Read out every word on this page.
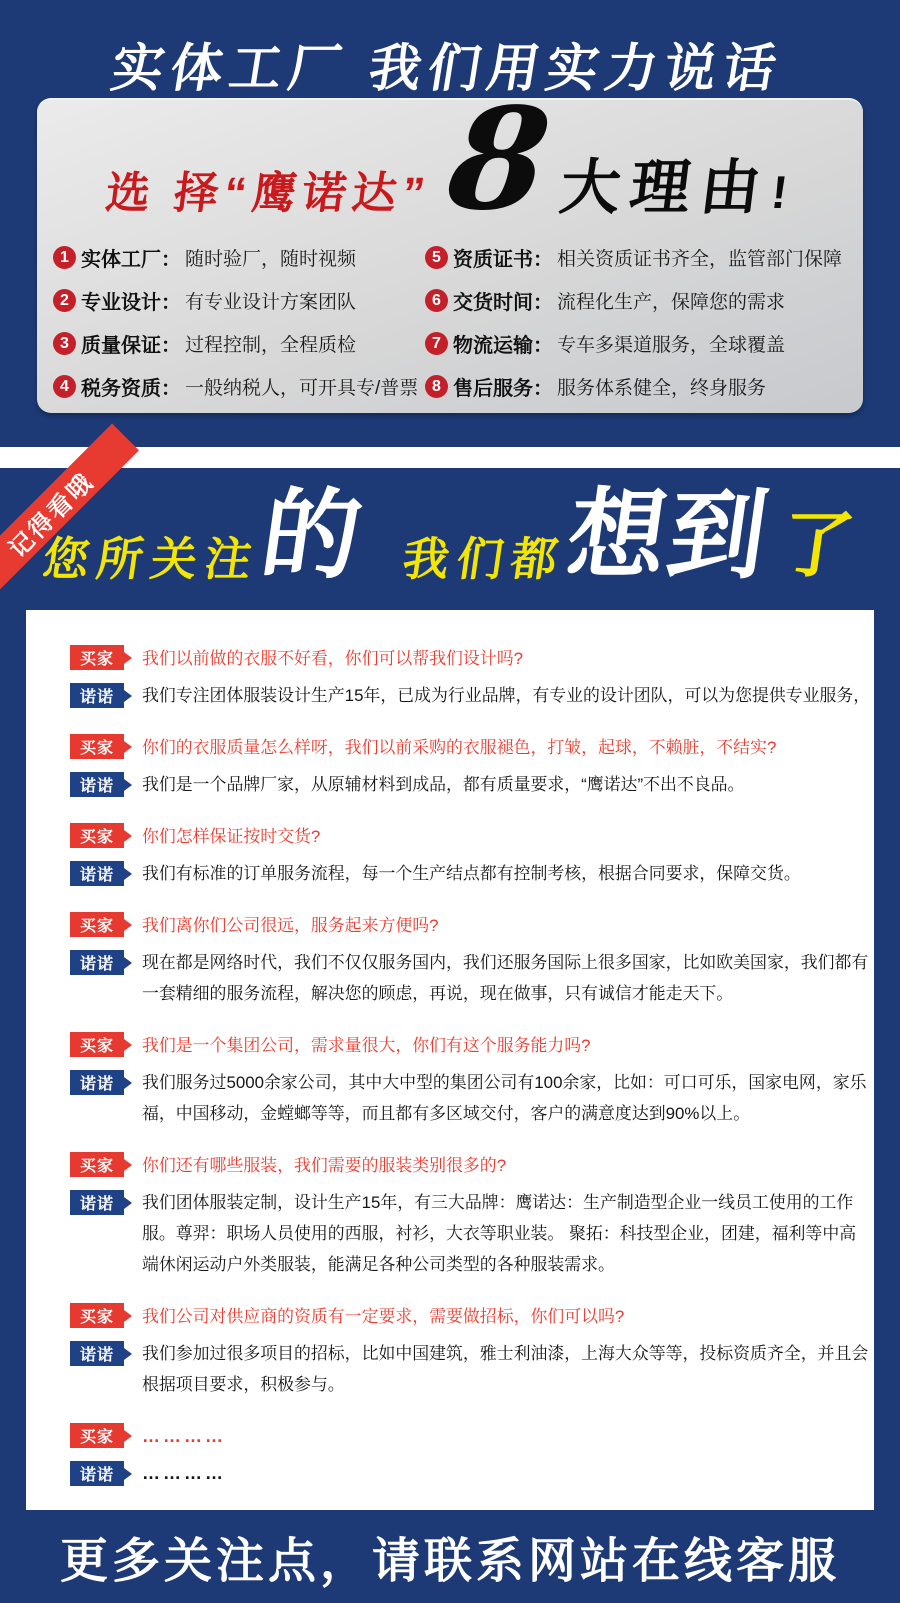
实体工厂 我们用实力说话
选 择
“鹰诺达” 8
大理由
!
1 实体工厂： 随时验厂，随时视频
2 专业设计： 有专业设计方案团队
3 质量保证： 过程控制，全程质检
4 税务资质： 一般纳税人，可开具专/普票
5 资质证书： 相关资质证书齐全，监管部门保障
6 交货时间： 流程化生产，保障您的需求
7 物流运输： 专车多渠道服务，全球覆盖
8 售后服务： 服务体系健全，终身服务
记得看哦
您所关注
的 我们都
想到 了
买家 我们以前做的衣服不好看，你们可以帮我们设计吗?
诺诺 我们专注团体服装设计生产15年，已成为行业品牌，有专业的设计团队，可以为您提供专业服务，
买家 你们的衣服质量怎么样呀，我们以前采购的衣服褪色，打皱，起球，不赖脏，不结实?
诺诺 我们是一个品牌厂家，从原辅材料到成品，都有质量要求，“鹰诺达”不出不良品。
买家 你们怎样保证按时交货?
诺诺 我们有标准的订单服务流程，每一个生产结点都有控制考核，根据合同要求，保障交货。
买家 我们离你们公司很远，服务起来方便吗?
诺诺 现在都是网络时代，我们不仅仅服务国内，我们还服务国际上很多国家，比如欧美国家，我们都有一套精细的服务流程，解决您的顾虑，再说，现在做事，只有诚信才能走天下。
买家 我们是一个集团公司，需求量很大，你们有这个服务能力吗?
诺诺 我们服务过5000余家公司，其中大中型的集团公司有100余家，比如：可口可乐，国家电网，家乐福，中国移动，金螳螂等等，而且都有多区域交付，客户的满意度达到90%以上。
买家 你们还有哪些服装，我们需要的服装类别很多的?
诺诺 我们团体服装定制，设计生产15年，有三大品牌：鹰诺达：生产制造型企业一线员工使用的工作服。尊羿：职场人员使用的西服，衬衫，大衣等职业装。 聚拓：科技型企业，团建，福利等中高端休闲运动户外类服装，能满足各种公司类型的各种服装需求。
买家 我们公司对供应商的资质有一定要求，需要做招标，你们可以吗?
诺诺 我们参加过很多项目的招标，比如中国建筑，雅士利油漆，上海大众等等，投标资质齐全，并且会根据项目要求，积极参与。
买家 …………
诺诺 …………
更多关注点，请联系网站在线客服
